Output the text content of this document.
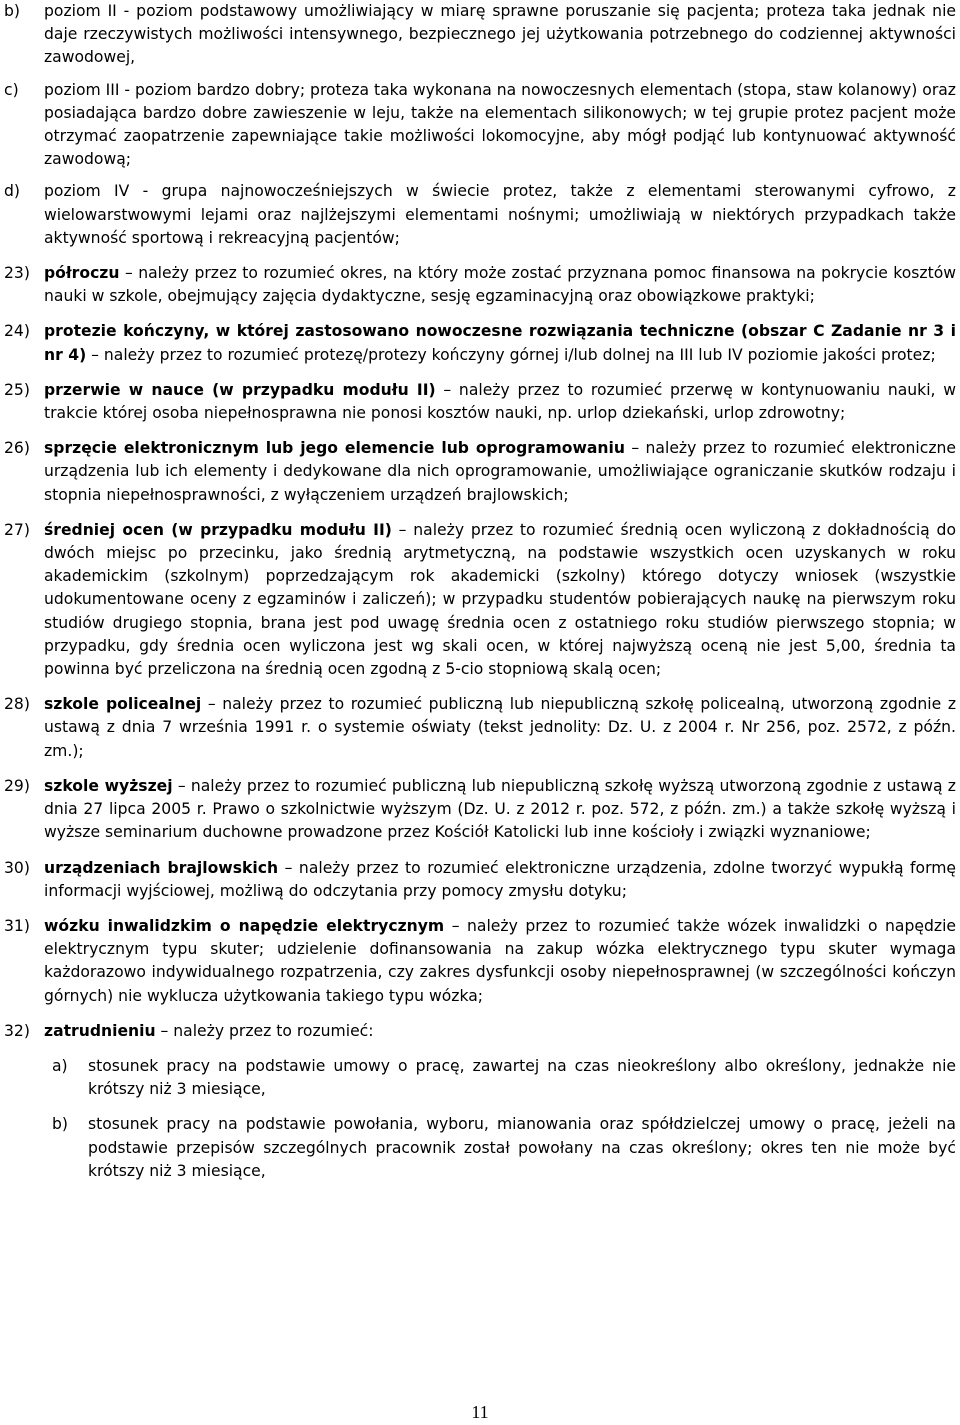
b)	poziom II - poziom podstawowy umożliwiający w miarę sprawne poruszanie się pacjenta; proteza taka jednak nie daje rzeczywistych możliwości intensywnego, bezpiecznego jej użytkowania potrzebnego do codziennej aktywności zawodowej,
c)	poziom III - poziom bardzo dobry; proteza taka wykonana na nowoczesnych elementach (stopa, staw kolanowy) oraz posiadająca bardzo dobre zawieszenie w leju, także na elementach silikonowych; w tej grupie protez pacjent może otrzymać zaopatrzenie zapewniające takie możliwości lokomocyjne, aby mógł podjąć lub kontynuować aktywność zawodową;
d)	poziom IV - grupa najnowocześniejszych w świecie protez, także z elementami sterowanymi cyfrowo, z wielowarstwowymi lejami oraz najlżejszymi elementami nośnymi; umożliwiają w niektórych przypadkach także aktywność sportową i rekreacyjną pacjentów;
23) półroczu – należy przez to rozumieć okres, na który może zostać przyznana pomoc finansowa na pokrycie kosztów nauki w szkole, obejmujący zajęcia dydaktyczne, sesję egzaminacyjną oraz obowiązkowe praktyki;
24) protezie kończyny, w której zastosowano nowoczesne rozwiązania techniczne (obszar C Zadanie nr 3 i nr 4) – należy przez to rozumieć protezę/protezy kończyny górnej i/lub dolnej na III lub IV poziomie jakości protez;
25) przerwie w nauce (w przypadku modułu II) – należy przez to rozumieć przerwę w kontynuowaniu nauki, w trakcie której osoba niepełnosprawna nie ponosi kosztów nauki, np. urlop dziekański, urlop zdrowotny;
26) sprzęcie elektronicznym lub jego elemencie lub oprogramowaniu – należy przez to rozumieć elektroniczne urządzenia lub ich elementy i dedykowane dla nich oprogramowanie, umożliwiające ograniczanie skutków rodzaju i stopnia niepełnosprawności, z wyłączeniem urządzeń brajlowskich;
27) średniej ocen (w przypadku modułu II) – należy przez to rozumieć średnią ocen wyliczoną z dokładnością do dwóch miejsc po przecinku, jako średnią arytmetyczną, na podstawie wszystkich ocen uzyskanych w roku akademickim (szkolnym) poprzedzającym rok akademicki (szkolny) którego dotyczy wniosek (wszystkie udokumentowane oceny z egzaminów i zaliczeń); w przypadku studentów pobierających naukę na pierwszym roku studiów drugiego stopnia, brana jest pod uwagę średnia ocen z ostatniego roku studiów pierwszego stopnia; w przypadku, gdy średnia ocen wyliczona jest wg skali ocen, w której najwyższą oceną nie jest 5,00, średnia ta powinna być przeliczona na średnią ocen zgodną z 5-cio stopniową skalą ocen;
28) szkole policealnej – należy przez to rozumieć publiczną lub niepubliczną szkołę policealną, utworzoną zgodnie z ustawą z dnia 7 września 1991 r. o systemie oświaty (tekst jednolity: Dz. U. z 2004 r. Nr 256, poz. 2572, z późn. zm.);
29) szkole wyższej – należy przez to rozumieć publiczną lub niepubliczną szkołę wyższą utworzoną zgodnie z ustawą z dnia 27 lipca 2005 r. Prawo o szkolnictwie wyższym (Dz. U. z 2012 r. poz. 572, z późn. zm.) a także szkołę wyższą i wyższe seminarium duchowne prowadzone przez Kościół Katolicki lub inne kościoły i związki wyznaniowe;
30) urządzeniach brajlowskich – należy przez to rozumieć elektroniczne urządzenia, zdolne tworzyć wypukłą formę informacji wyjściowej, możliwą do odczytania przy pomocy zmysłu dotyku;
31) wózku inwalidzkim o napędzie elektrycznym – należy przez to rozumieć także wózek inwalidzki o napędzie elektrycznym typu skuter; udzielenie dofinansowania na zakup wózka elektrycznego typu skuter wymaga każdorazowo indywidualnego rozpatrzenia, czy zakres dysfunkcji osoby niepełnosprawnej (w szczególności kończyn górnych) nie wyklucza użytkowania takiego typu wózka;
32) zatrudnieniu – należy przez to rozumieć:
a)	stosunek pracy na podstawie umowy o pracę, zawartej na czas nieokreślony albo określony, jednakże nie krótszy niż 3 miesiące,
b)	stosunek pracy na podstawie powołania, wyboru, mianowania oraz spółdzielczej umowy o pracę, jeżeli na podstawie przepisów szczególnych pracownik został powołany na czas określony; okres ten nie może być krótszy niż 3 miesiące,
11
